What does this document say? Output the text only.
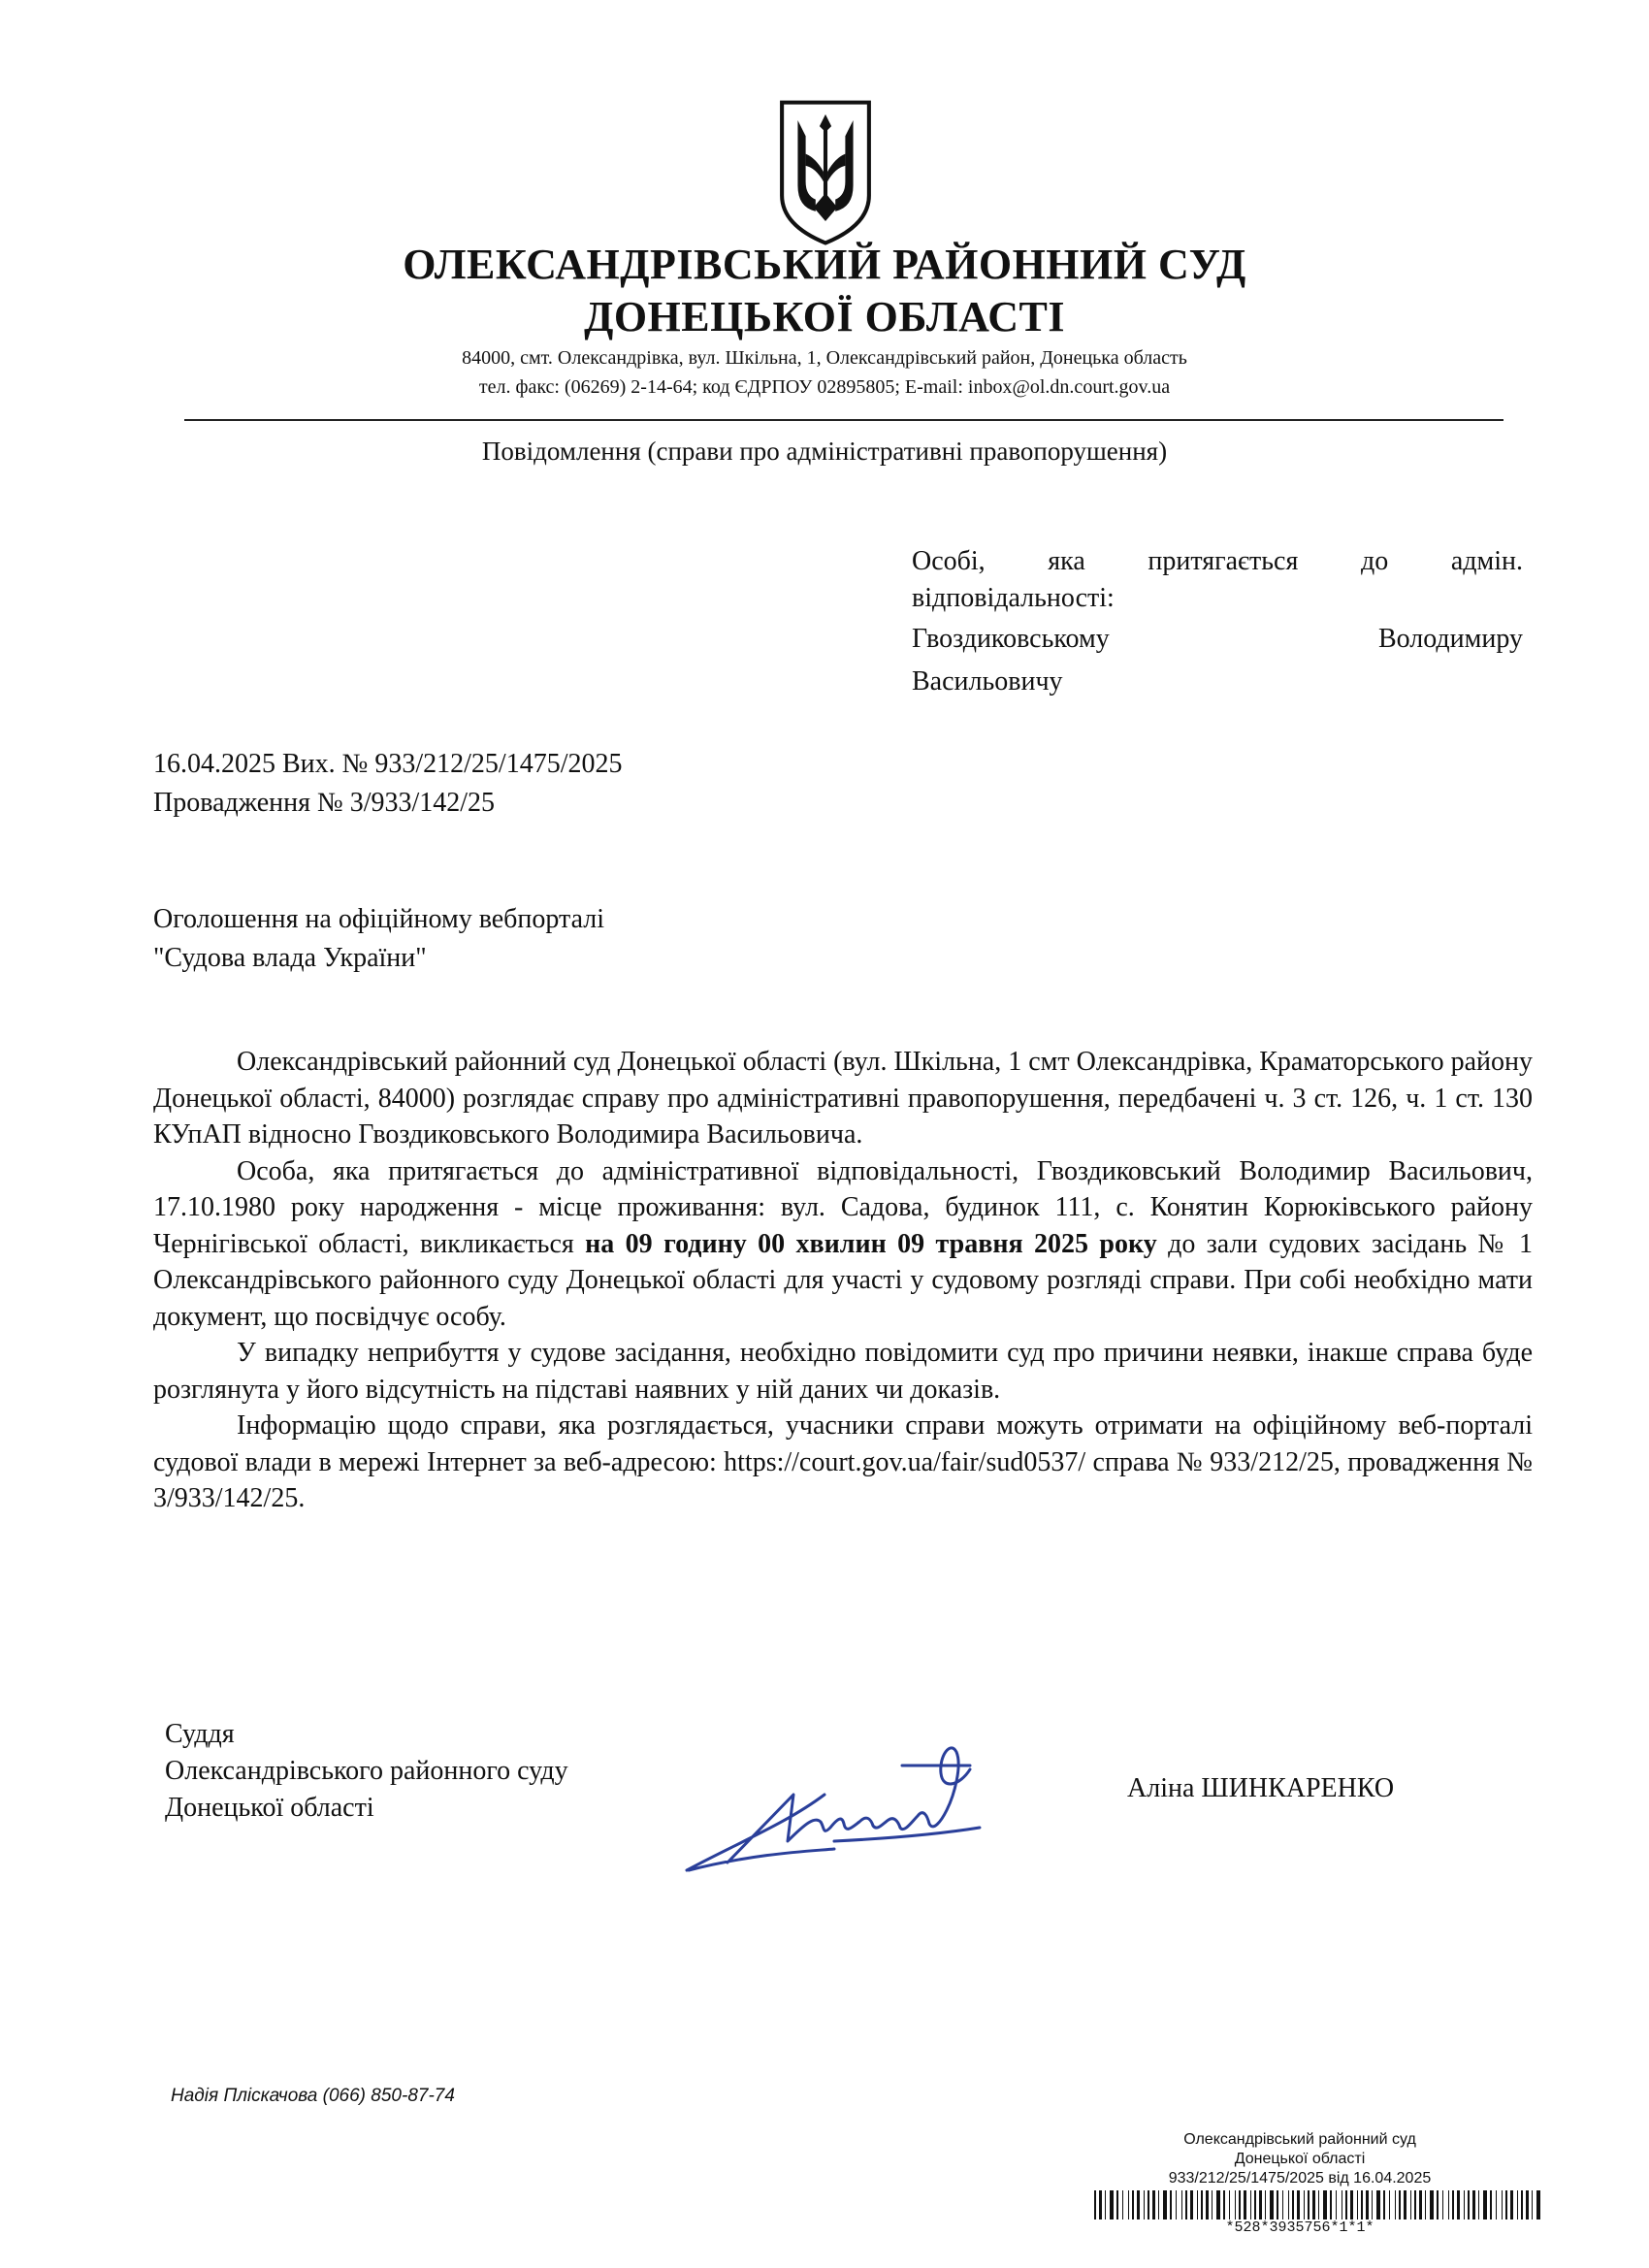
ОЛЕКСАНДРІВСЬКИЙ РАЙОННИЙ СУД
ДОНЕЦЬКОЇ ОБЛАСТІ
84000, смт. Олександрівка, вул. Шкільна, 1, Олександрівський район, Донецька область
тел. факс: (06269) 2-14-64; код ЄДРПОУ 02895805; E-mail: inbox@ol.dn.court.gov.ua
Повідомлення (справи про адміністративні правопорушення)
Особі, яка притягається до адмін.
відповідальності:
Гвоздиковському	Володимиру
Васильовичу
16.04.2025 Вих. № 933/212/25/1475/2025
Провадження № 3/933/142/25
Оголошення на офіційному вебпорталі
"Судова влада України"

Олександрівський районний суд Донецької області (вул. Шкільна, 1 смт Олександрівка, Краматорського району Донецької області, 84000) розглядає справу про адміністративні правопорушення, передбачені ч. 3 ст. 126, ч. 1 ст. 130 КУпАП відносно Гвоздиковського Володимира Васильовича.

Особа, яка притягається до адміністративної відповідальності, Гвоздиковський Володимир Васильович, 17.10.1980 року народження - місце проживання: вул. Садова, будинок 111, с. Конятин Корюківського району Чернігівської області, викликається на 09 годину 00 хвилин 09 травня 2025 року до зали судових засідань № 1 Олександрівського районного суду Донецької області для участі у судовому розгляді справи. При собі необхідно мати документ, що посвідчує особу.

У випадку неприбуття у судове засідання, необхідно повідомити суд про причини неявки, інакше справа буде розглянута у його відсутність на підставі наявних у ній даних чи доказів.

Інформацію щодо справи, яка розглядається, учасники справи можуть отримати на офіційному веб-порталі судової влади в мережі Інтернет за веб-адресою: https://court.gov.ua/fair/sud0537/ справа № 933/212/25, провадження № 3/933/142/25.

Суддя
Олександрівського районного суду
Донецької області
Аліна ШИНКАРЕНКО
Надія Пліскачова (066) 850-87-74
Олександрівський районний суд
Донецької області
933/212/25/1475/2025 від 16.04.2025
*528*3935756*1*1*
